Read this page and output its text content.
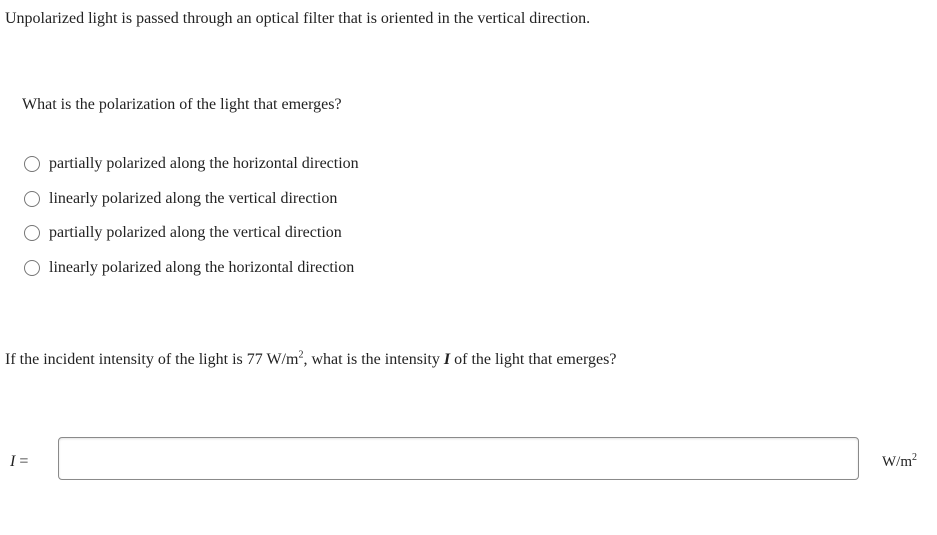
Unpolarized light is passed through an optical filter that is oriented in the vertical direction.
What is the polarization of the light that emerges?
partially polarized along the horizontal direction
linearly polarized along the vertical direction
partially polarized along the vertical direction
linearly polarized along the horizontal direction
If the incident intensity of the light is 77 $W/m^2$, what is the intensity I of the light that emerges?
I =	$W/m^2$
